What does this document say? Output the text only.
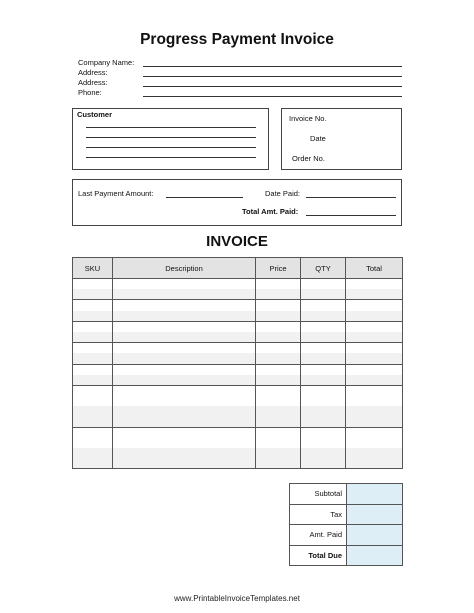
Progress Payment Invoice
Company Name:
Address:
Address:
Phone:
Customer	Invoice No.
Date
Order No.
Last Payment Amount:	Date Paid:
Total Amt. Paid:
INVOICE
SKU	Description	Price	QTY	Total

Subtotal	
Tax	
Amt. Paid	
Total Due	
www.PrintableInvoiceTemplates.net
